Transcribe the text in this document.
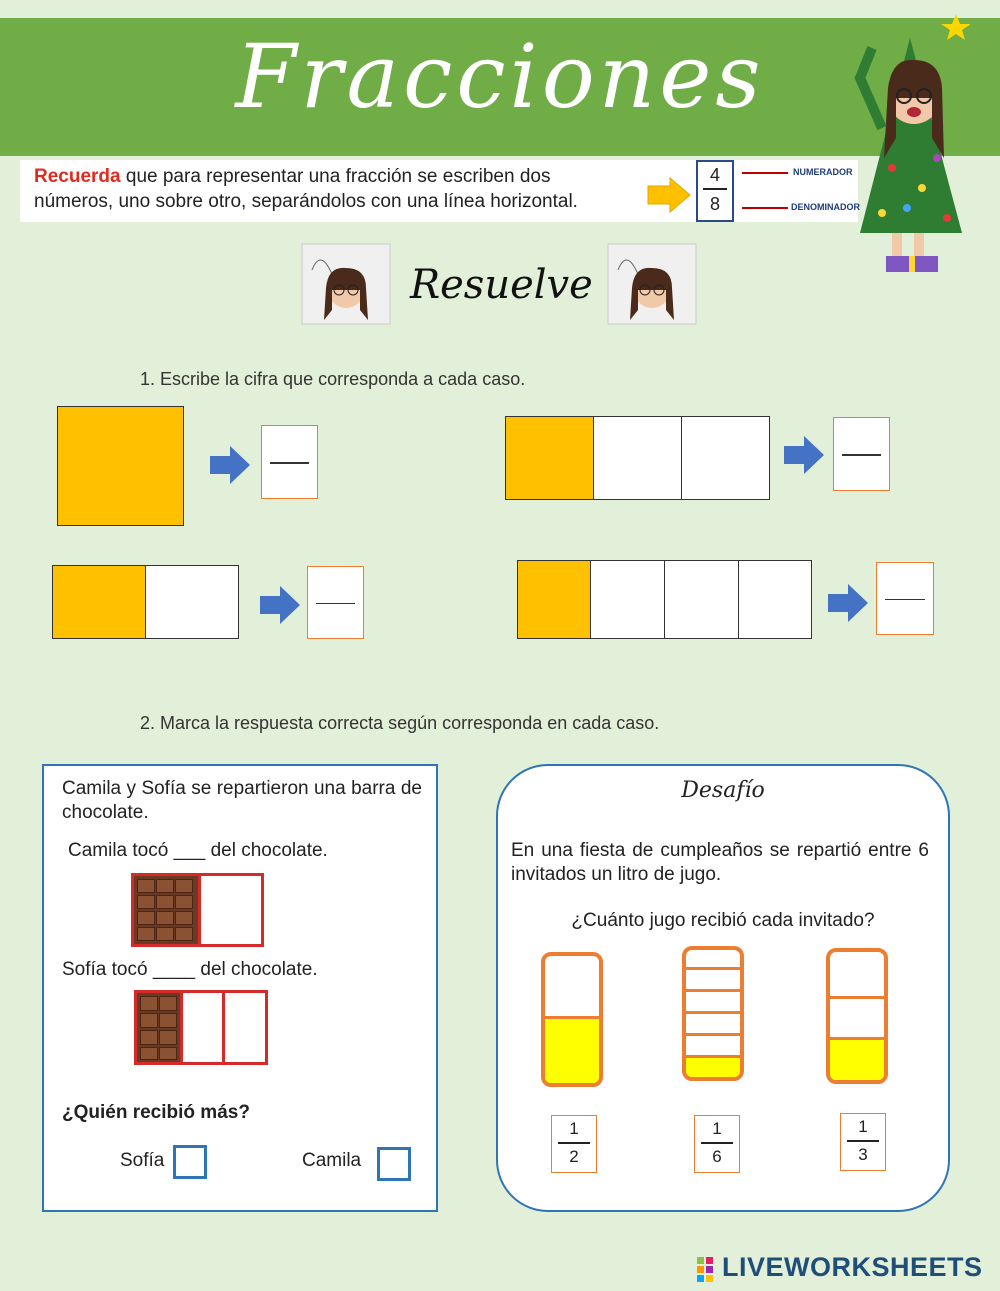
Fracciones
Recuerda que para representar una fracción se escriben dos
números, uno sobre otro, separándolos con una línea horizontal.
4
8
NUMERADOR
DENOMINADOR
Resuelve
1. Escribe la cifra que corresponda a cada caso.
2. Marca la respuesta correcta según corresponda en cada caso.
Camila y Sofía se repartieron una barra de chocolate.
Camila tocó ___ del chocolate.
Sofía tocó ____ del chocolate.
¿Quién recibió más?
Sofía	Camila
Desafío
En una fiesta de cumpleaños se repartió entre 6 invitados un litro de jugo.
¿Cuánto jugo recibió cada invitado?
1
2
1
6
1
3
LIVEWORKSHEETS
